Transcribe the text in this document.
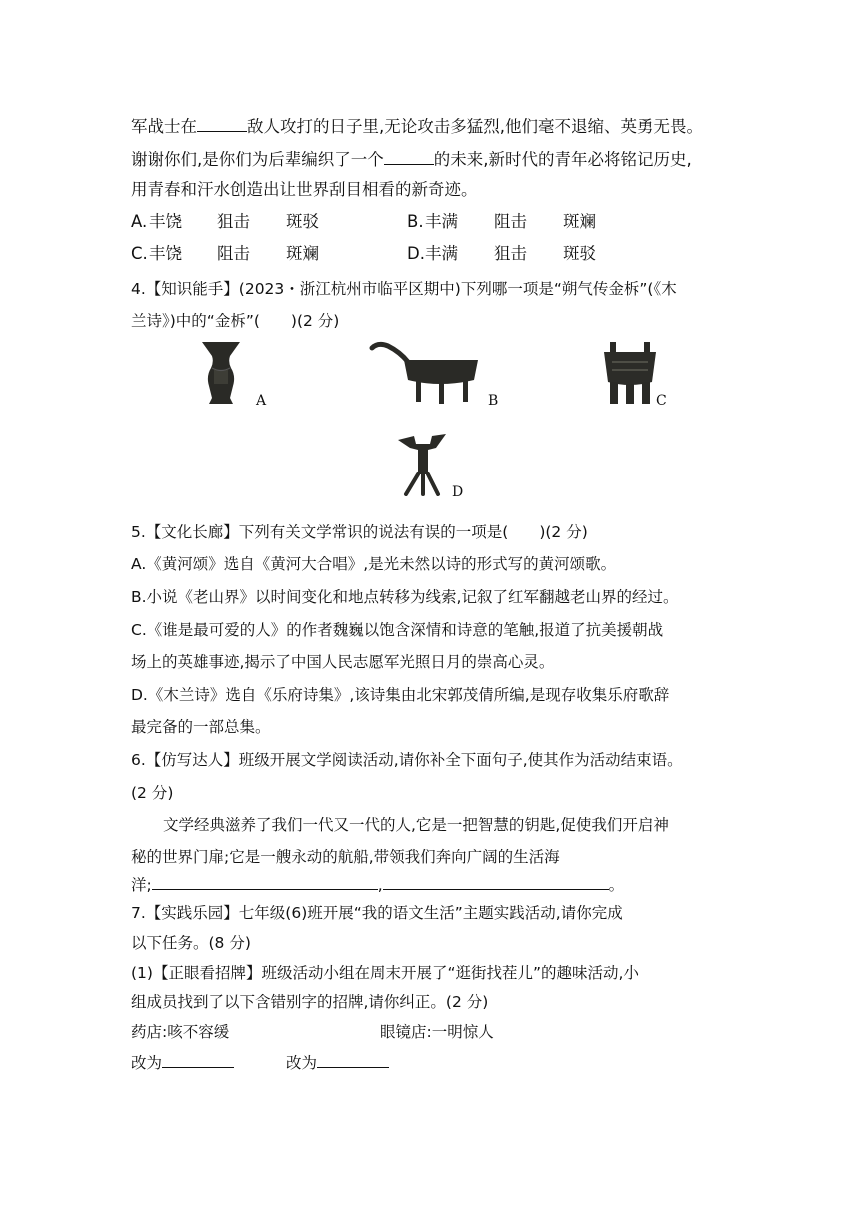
军战士在	敌人攻打的日子里,无论攻击多猛烈,他们毫不退缩、英勇无畏。
谢谢你们,是你们为后辈编织了一个	的未来,新时代的青年必将铭记历史,
用青春和汗水创造出让世界刮目相看的新奇迹。
A. 丰饶 狙击 斑驳	B. 丰满 阻击 斑斓
C. 丰饶 阻击 斑斓	D. 丰满 狙击 斑驳
4.【知识能手】(2023・浙江杭州市临平区期中)下列哪一项是“朔气传金柝”(《木
兰诗》)中的“金柝”(　　)(2 分)
A	B	C
D
5.【文化长廊】下列有关文学常识的说法有误的一项是(　　)(2 分)
A.《黄河颂》选自《黄河大合唱》,是光未然以诗的形式写的黄河颂歌。
B.小说《老山界》以时间变化和地点转移为线索,记叙了红军翻越老山界的经过。
C.《谁是最可爱的人》的作者魏巍以饱含深情和诗意的笔触,报道了抗美援朝战
场上的英雄事迹,揭示了中国人民志愿军光照日月的崇高心灵。
D.《木兰诗》选自《乐府诗集》,该诗集由北宋郭茂倩所编,是现存收集乐府歌辞
最完备的一部总集。
6.【仿写达人】班级开展文学阅读活动,请你补全下面句子,使其作为活动结束语。
(2 分)
文学经典滋养了我们一代又一代的人,它是一把智慧的钥匙,促使我们开启神
秘的世界门扉;它是一艘永动的航船,带领我们奔向广阔的生活海
洋;	,	。
7.【实践乐园】七年级(6)班开展“我的语文生活”主题实践活动,请你完成
以下任务。(8 分)
(1)【正眼看招牌】班级活动小组在周末开展了“逛街找茬儿”的趣味活动,小
组成员找到了以下含错别字的招牌,请你纠正。(2 分)
药店:咳不容缓	眼镜店:一明惊人
改为	改为
